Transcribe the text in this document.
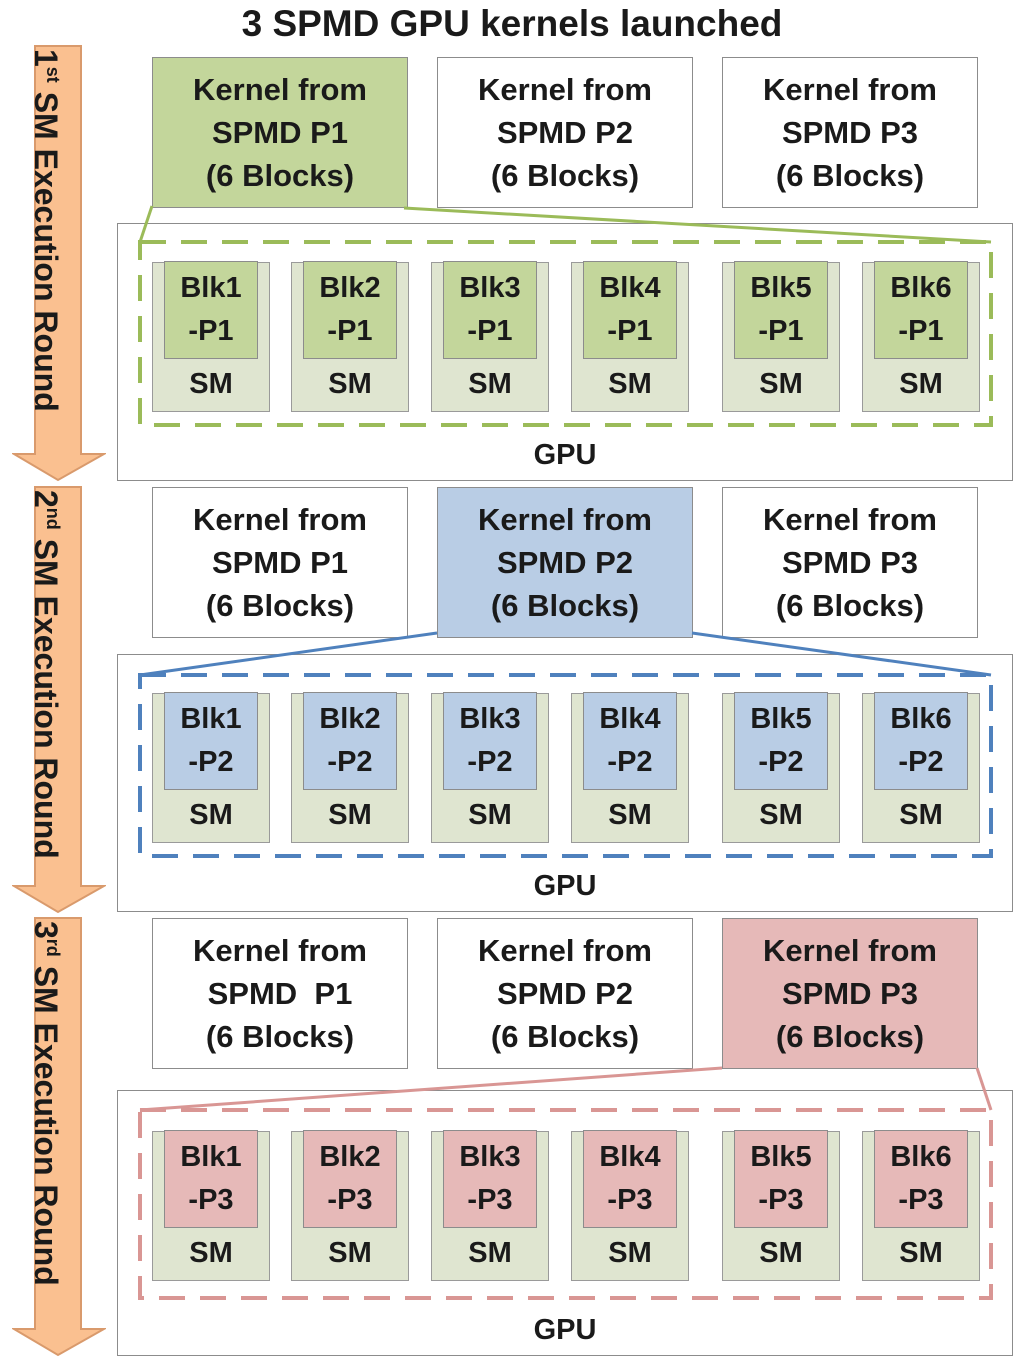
3 SPMD GPU kernels launched
1st SM Execution Round	Kernel from
SPMD P1
(6 Blocks)
Kernel from
SPMD P2
(6 Blocks)
Kernel from
SPMD P3
(6 Blocks)
Blk1
-P1
SM
Blk2
-P1
SM
Blk3
-P1
SM
Blk4
-P1
SM
Blk5
-P1
SM
Blk6
-P1
SM
GPU
2nd SM Execution Round
Kernel from
SPMD P1
(6 Blocks)
Kernel from
SPMD P2
(6 Blocks)
Kernel from
SPMD P3
(6 Blocks)
Blk1
-P2
SM
Blk2
-P2
SM
Blk3
-P2
SM
Blk4
-P2
SM
Blk5
-P2
SM
Blk6
-P2
SM
GPU
3rd SM Execution Round
Kernel from
SPMD  P1
(6 Blocks)
Kernel from
SPMD P2
(6 Blocks)
Kernel from
SPMD P3
(6 Blocks)
Blk1
-P3
SM
Blk2
-P3
SM
Blk3
-P3
SM
Blk4
-P3
SM
Blk5
-P3
SM
Blk6
-P3
SM
GPU
